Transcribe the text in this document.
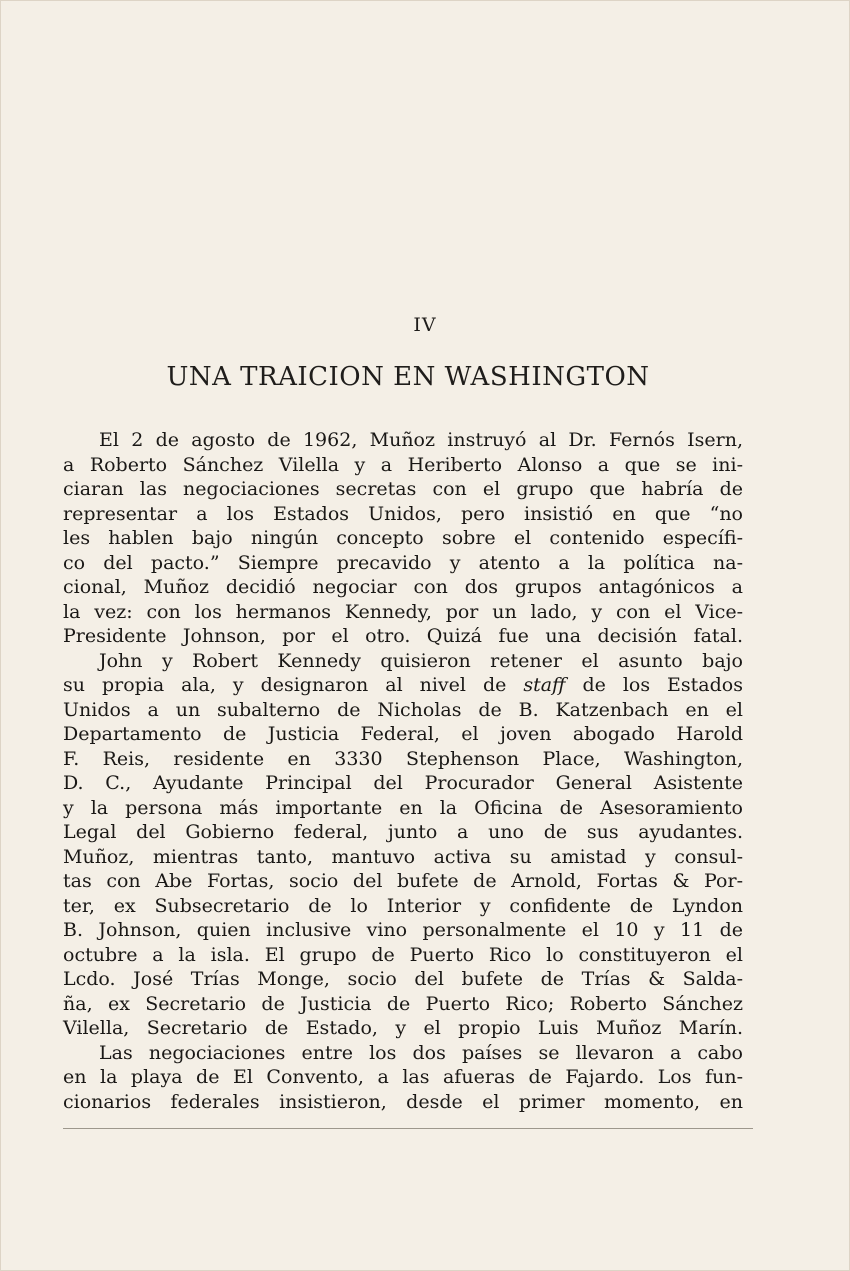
IV
UNA TRAICION EN WASHINGTON
El 2 de agosto de 1962, Muñoz instruyó al Dr. Fernós Isern,
a Roberto Sánchez Vilella y a Heriberto Alonso a que se ini-
ciaran las negociaciones secretas con el grupo que habría de
representar a los Estados Unidos, pero insistió en que “no
les hablen bajo ningún concepto sobre el contenido específi-
co del pacto.” Siempre precavido y atento a la política na-
cional, Muñoz decidió negociar con dos grupos antagónicos a
la vez: con los hermanos Kennedy, por un lado, y con el Vice-
Presidente Johnson, por el otro. Quizá fue una decisión fatal.
John y Robert Kennedy quisieron retener el asunto bajo
su propia ala, y designaron al nivel de staff de los Estados
Unidos a un subalterno de Nicholas de B. Katzenbach en el
Departamento de Justicia Federal, el joven abogado Harold
F. Reis, residente en 3330 Stephenson Place, Washington,
D. C., Ayudante Principal del Procurador General Asistente
y la persona más importante en la Oficina de Asesoramiento
Legal del Gobierno federal, junto a uno de sus ayudantes.
Muñoz, mientras tanto, mantuvo activa su amistad y consul-
tas con Abe Fortas, socio del bufete de Arnold, Fortas & Por-
ter, ex Subsecretario de lo Interior y confidente de Lyndon
B. Johnson, quien inclusive vino personalmente el 10 y 11 de
octubre a la isla. El grupo de Puerto Rico lo constituyeron el
Lcdo. José Trías Monge, socio del bufete de Trías & Salda-
ña, ex Secretario de Justicia de Puerto Rico; Roberto Sánchez
Vilella, Secretario de Estado, y el propio Luis Muñoz Marín.
Las negociaciones entre los dos países se llevaron a cabo
en la playa de El Convento, a las afueras de Fajardo. Los fun-
cionarios federales insistieron, desde el primer momento, en
